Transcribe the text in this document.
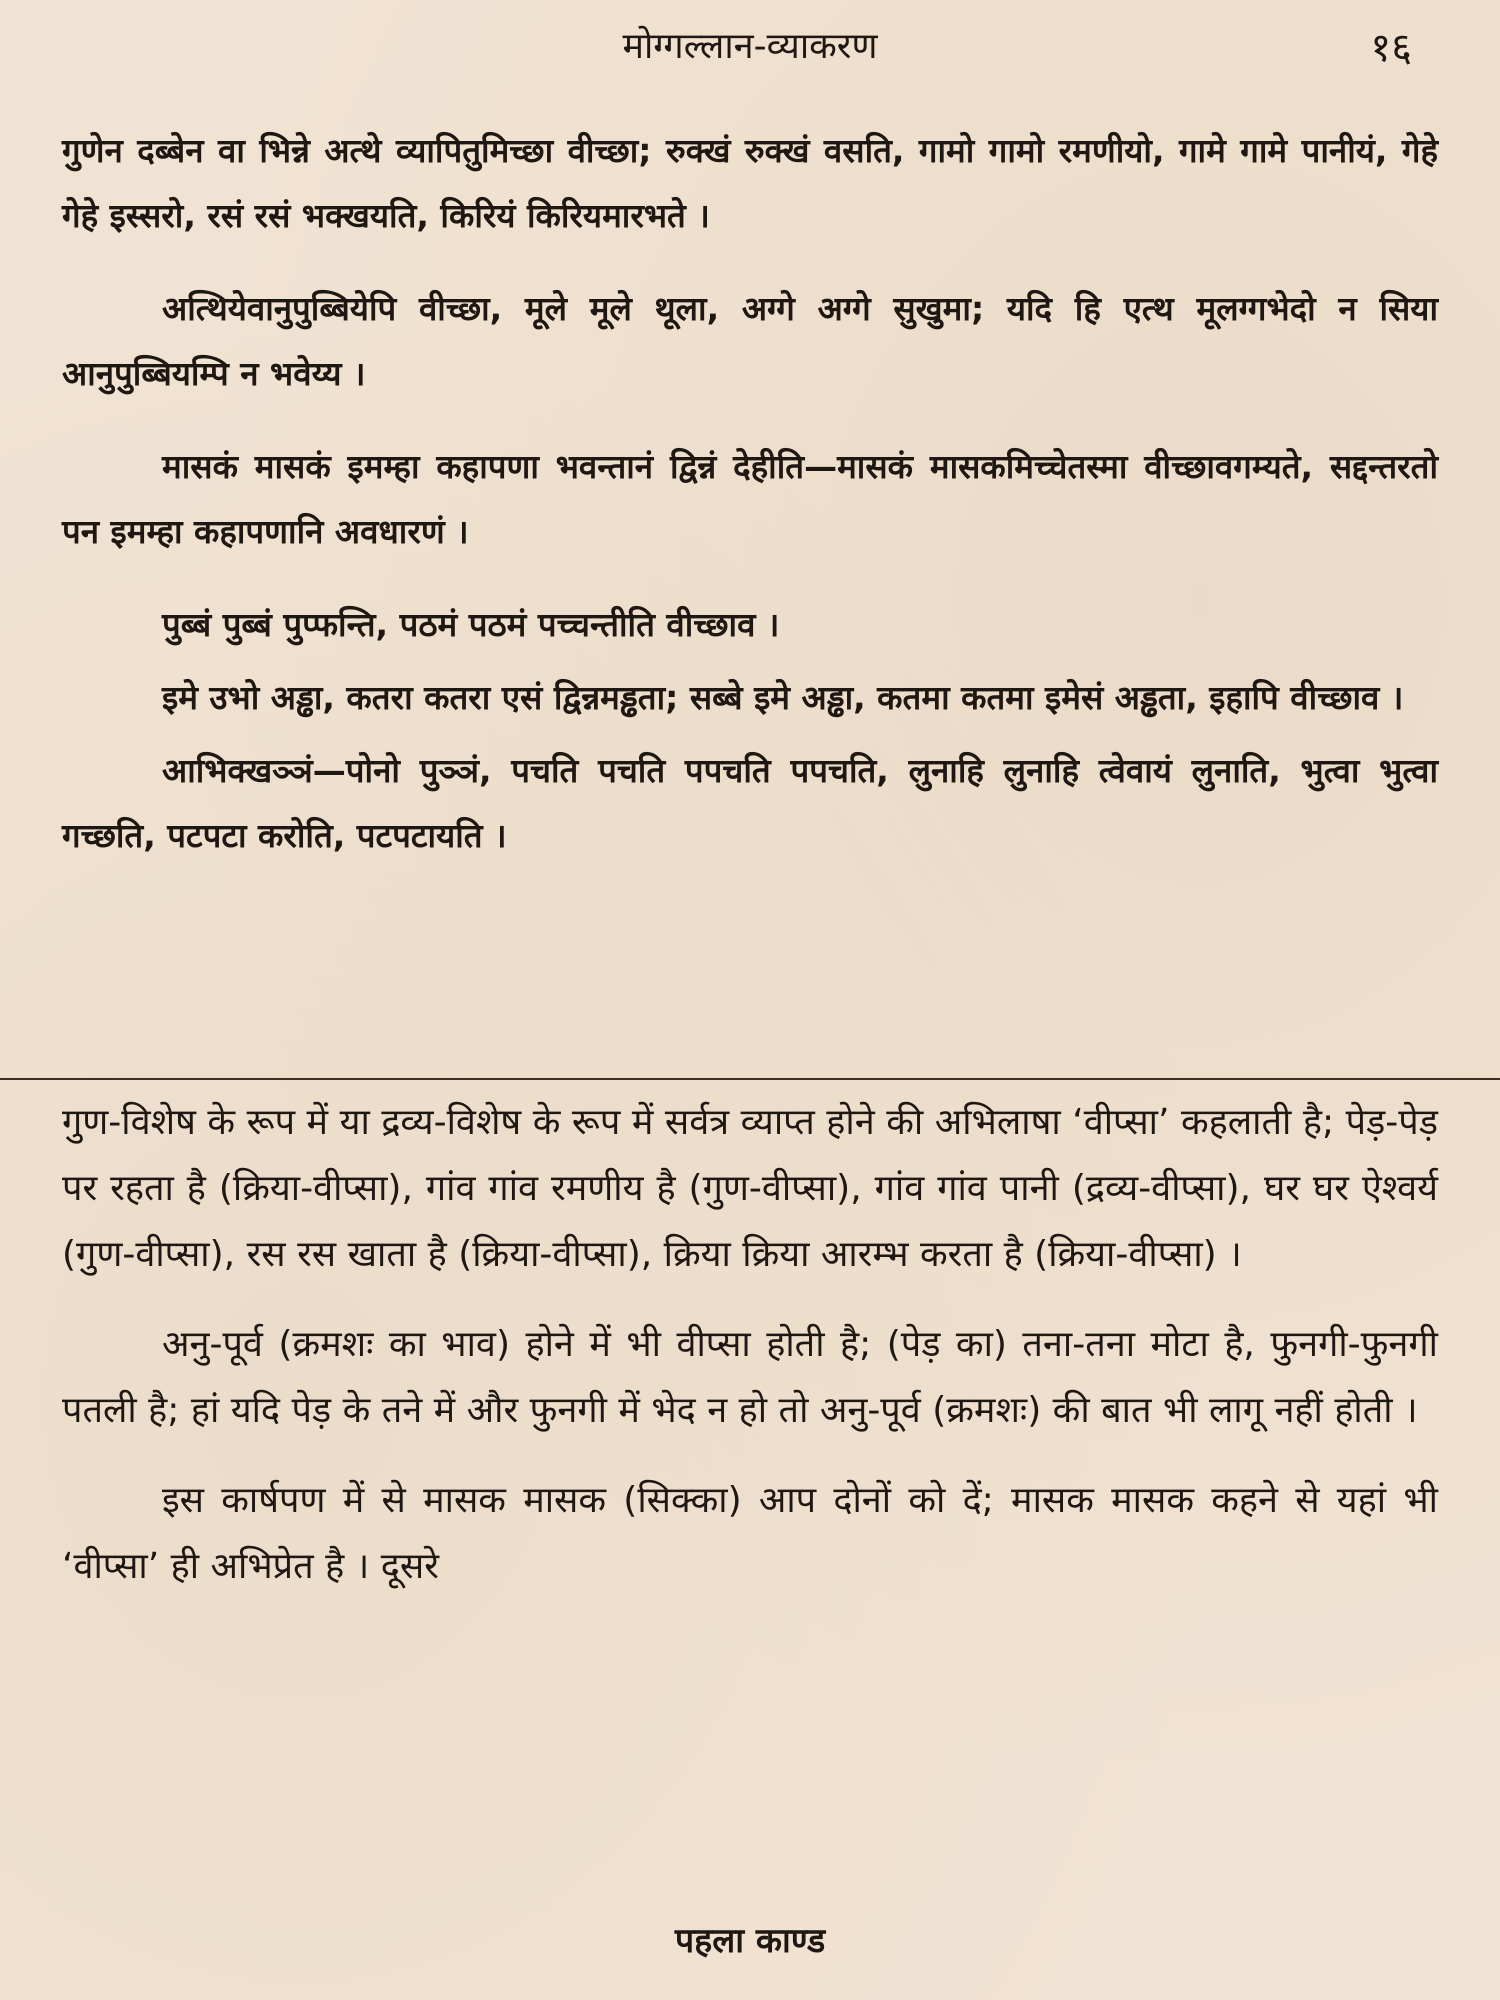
मोग्गल्लान-व्याकरण	१६

गुणेन दब्बेन वा भिन्ने अत्थे व्यापितुमिच्छा वीच्छा; रुक्खं रुक्खं वसति, गामो गामो रमणीयो, गामे गामे पानीयं, गेहे गेहे इस्सरो, रसं रसं भक्खयति, किरियं किरियमारभते ।

अत्थियेवानुपुब्बियेपि वीच्छा, मूले मूले थूला, अग्गे अग्गे सुखुमा; यदि हि एत्थ मूलग्गभेदो न सिया आनुपुब्बियम्पि न भवेय्य ।

मासकं मासकं इमम्हा कहापणा भवन्तानं द्विन्नं देहीति—मासकं मासकमिच्चेतस्मा वीच्छावगम्यते, सद्दन्तरतो पन इमम्हा कहापणानि अवधारणं ।

पुब्बं पुब्बं पुप्फन्ति, पठमं पठमं पच्चन्तीति वीच्छाव ।

इमे उभो अड्ढा, कतरा कतरा एसं द्विन्नमड्ढता; सब्बे इमे अड्ढा, कतमा कतमा इमेसं अड्ढता, इहापि वीच्छाव ।

आभिक्खञ्ञं—पोनो पुञ्ञं, पचति पचति पपचति पपचति, लुनाहि लुनाहि त्वेवायं लुनाति, भुत्वा भुत्वा गच्छति, पटपटा करोति, पटपटायति ।

गुण-विशेष के रूप में या द्रव्य-विशेष के रूप में सर्वत्र व्याप्त होने की अभिलाषा ‘वीप्सा’ कहलाती है; पेड़-पेड़ पर रहता है (क्रिया-वीप्सा), गांव गांव रमणीय है (गुण-वीप्सा), गांव गांव पानी (द्रव्य-वीप्सा), घर घर ऐश्वर्य (गुण-वीप्सा), रस रस खाता है (क्रिया-वीप्सा), क्रिया क्रिया आरम्भ करता है (क्रिया-वीप्सा) ।

अनु-पूर्व (क्रमशः का भाव) होने में भी वीप्सा होती है; (पेड़ का) तना-तना मोटा है, फुनगी-फुनगी पतली है; हां यदि पेड़ के तने में और फुनगी में भेद न हो तो अनु-पूर्व (क्रमशः) की बात भी लागू नहीं होती ।

इस कार्षपण में से मासक मासक (सिक्का) आप दोनों को दें; मासक मासक कहने से यहां भी ‘वीप्सा’ ही अभिप्रेत है । दूसरे

पहला काण्ड
